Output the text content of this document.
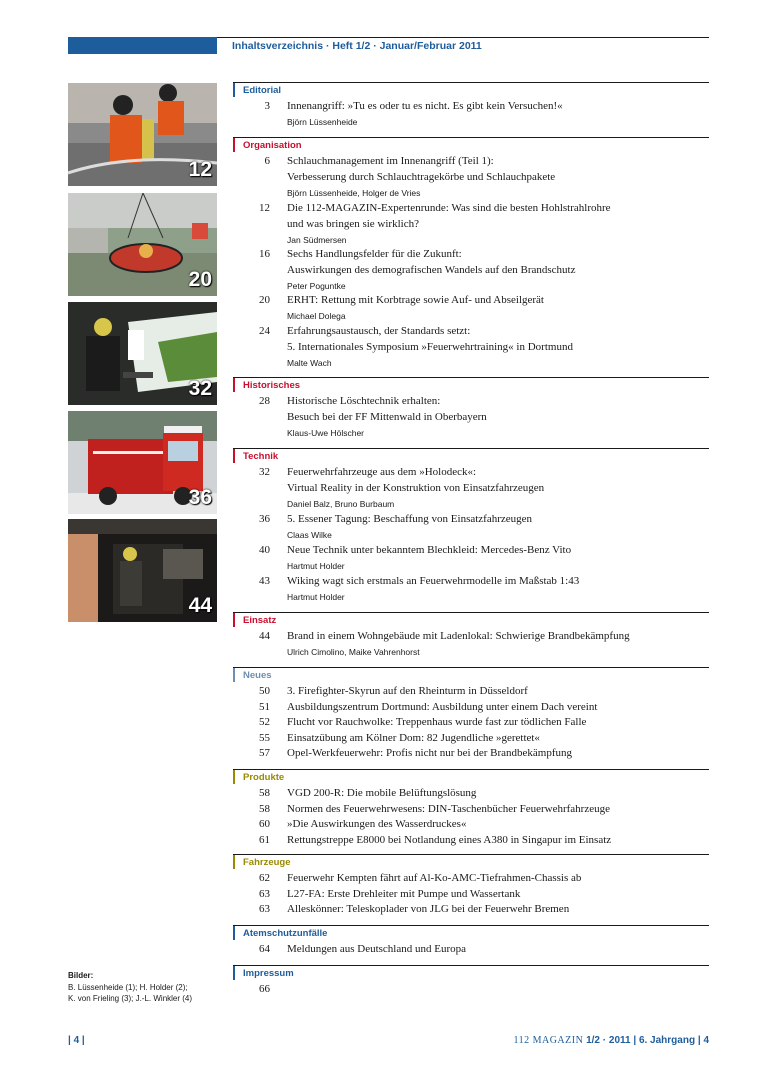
Inhaltsverzeichnis · Heft 1/2 · Januar/Februar 2011
12
20
32
36
44
Editorial
3 Innenangriff: »Tu es oder tu es nicht. Es gibt kein Versuchen!«
Björn Lüssenheide
Organisation
6 Schlauchmanagement im Innenangriff (Teil 1):
Verbesserung durch Schlauchtragekörbe und Schlauchpakete
Björn Lüssenheide, Holger de Vries
12 Die 112-MAGAZIN-Expertenrunde: Was sind die besten Hohlstrahlrohre
und was bringen sie wirklich?
Jan Südmersen
16 Sechs Handlungsfelder für die Zukunft:
Auswirkungen des demografischen Wandels auf den Brandschutz
Peter Poguntke
20 ERHT: Rettung mit Korbtrage sowie Auf- und Abseilgerät
Michael Dolega
24 Erfahrungsaustausch, der Standards setzt:
5. Internationales Symposium »Feuerwehrtraining« in Dortmund
Malte Wach
Historisches
28 Historische Löschtechnik erhalten:
Besuch bei der FF Mittenwald in Oberbayern
Klaus-Uwe Hölscher
Technik
32 Feuerwehrfahrzeuge aus dem »Holodeck«:
Virtual Reality in der Konstruktion von Einsatzfahrzeugen
Daniel Balz, Bruno Burbaum
36 5. Essener Tagung: Beschaffung von Einsatzfahrzeugen
Claas Wilke
40 Neue Technik unter bekanntem Blechkleid: Mercedes-Benz Vito
Hartmut Holder
43 Wiking wagt sich erstmals an Feuerwehrmodelle im Maßstab 1:43
Hartmut Holder
Einsatz
44 Brand in einem Wohngebäude mit Ladenlokal: Schwierige Brandbekämpfung
Ulrich Cimolino, Maike Vahrenhorst
Neues
50 3. Firefighter-Skyrun auf den Rheinturm in Düsseldorf
51 Ausbildungszentrum Dortmund: Ausbildung unter einem Dach vereint
52 Flucht vor Rauchwolke: Treppenhaus wurde fast zur tödlichen Falle
55 Einsatzübung am Kölner Dom: 82 Jugendliche »gerettet«
57 Opel-Werkfeuerwehr: Profis nicht nur bei der Brandbekämpfung
Produkte
58 VGD 200-R: Die mobile Belüftungslösung
58 Normen des Feuerwehrwesens: DIN-Taschenbücher Feuerwehrfahrzeuge
60 »Die Auswirkungen des Wasserdruckes«
61 Rettungstreppe E8000 bei Notlandung eines A380 in Singapur im Einsatz
Fahrzeuge
62 Feuerwehr Kempten fährt auf Al-Ko-AMC-Tiefrahmen-Chassis ab
63 L27-FA: Erste Drehleiter mit Pumpe und Wassertank
63 Alleskönner: Teleskoplader von JLG bei der Feuerwehr Bremen
Atemschutzunfälle
64 Meldungen aus Deutschland und Europa
Impressum
66
Bilder:
B. Lüssenheide (1); H. Holder (2);
K. von Frieling (3); J.-L. Winkler (4)
| 4 |	112 MAGAZIN 1/2 · 2011 | 6. Jahrgang | 4
